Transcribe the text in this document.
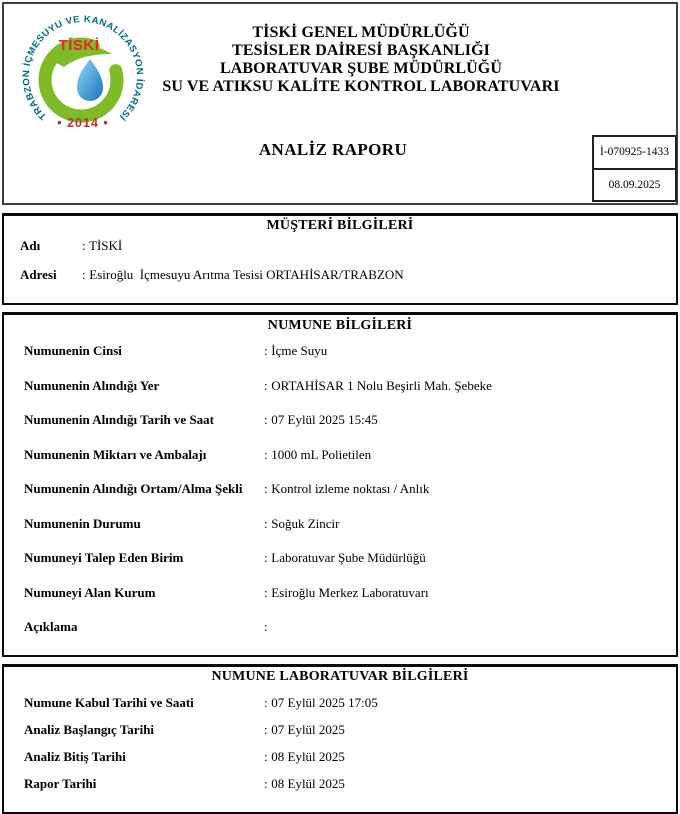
TRABZON İÇMESUYU VE KANALİZASYON İDARESİ
TİSKİ
• 2014 •
TİSKİ GENEL MÜDÜRLÜĞÜ
TESİSLER DAİRESİ BAŞKANLIĞI
LABORATUVAR ŞUBE MÜDÜRLÜĞÜ
SU VE ATIKSU KALİTE KONTROL LABORATUVARI
ANALİZ RAPORU	İ-070925-1433
08.09.2025
MÜŞTERİ BİLGİLERİ
Adı	: TİSKİ
Adresi : Esiroğlu  İçmesuyu Arıtma Tesisi ORTAHİSAR/TRABZON
NUMUNE BİLGİLERİ
Numunenin Cinsi	: İçme Suyu
Numunenin Alındığı Yer	: ORTAHİSAR 1 Nolu Beşirli Mah. Şebeke
Numunenin Alındığı Tarih ve Saat	: 07 Eylül 2025 15:45
Numunenin Miktarı ve Ambalajı	: 1000 mL Polietilen
Numunenin Alındığı Ortam/Alma Şekli : Kontrol izleme noktası / Anlık
Numunenin Durumu	: Soğuk Zincir
Numuneyi Talep Eden Birim	: Laboratuvar Şube Müdürlüğü
Numuneyi Alan Kurum	: Esiroğlu Merkez Laboratuvarı
Açıklama	:
NUMUNE LABORATUVAR BİLGİLERİ
Numune Kabul Tarihi ve Saati	: 07 Eylül 2025 17:05
Analiz Başlangıç Tarihi	: 07 Eylül 2025
Analiz Bitiş Tarihi	: 08 Eylül 2025
Rapor Tarihi	: 08 Eylül 2025
